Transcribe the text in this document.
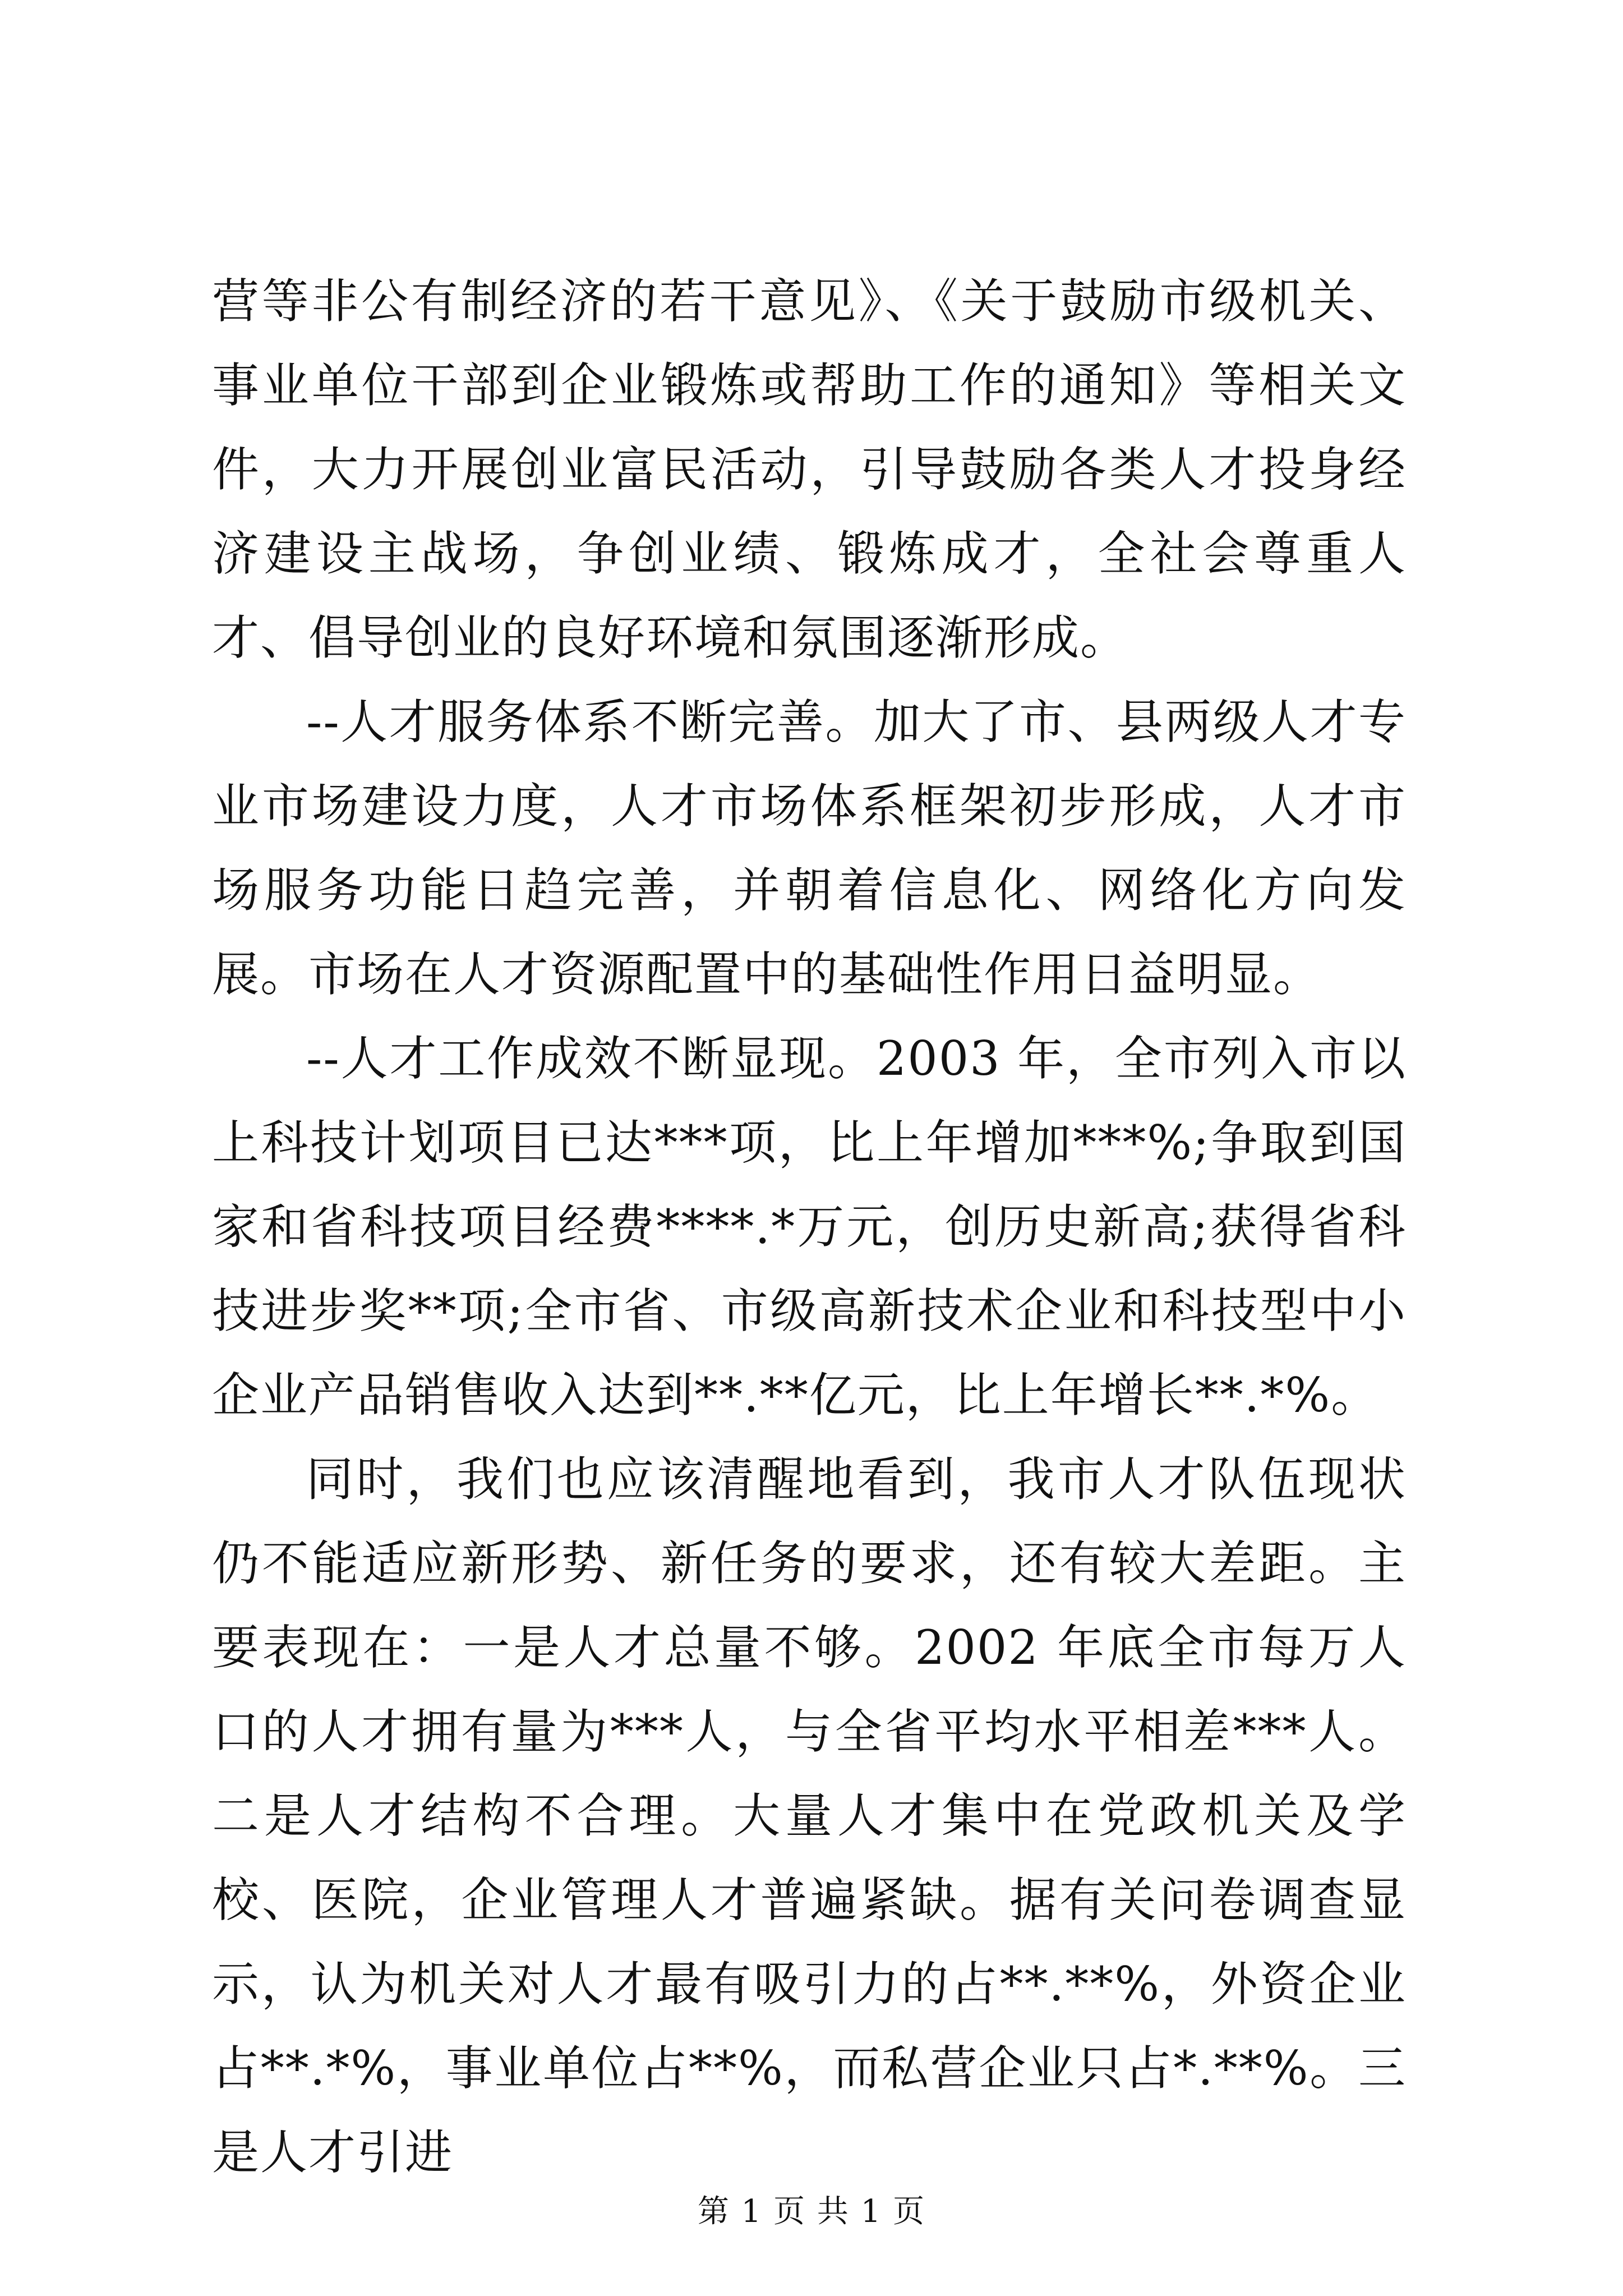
营等非公有制经济的若干意见》、《关于鼓励市级机关、事业单位干部到企业锻炼或帮助工作的通知》等相关文件，大力开展创业富民活动，引导鼓励各类人才投身经济建设主战场，争创业绩、锻炼成才，全社会尊重人才、倡导创业的良好环境和氛围逐渐形成。

--人才服务体系不断完善。加大了市、县两级人才专业市场建设力度，人才市场体系框架初步形成，人才市场服务功能日趋完善，并朝着信息化、网络化方向发展。市场在人才资源配置中的基础性作用日益明显。

--人才工作成效不断显现。2003 年，全市列入市以上科技计划项目已达***项，比上年增加***%;争取到国家和省科技项目经费****.*万元，创历史新高;获得省科技进步奖**项;全市省、市级高新技术企业和科技型中小企业产品销售收入达到**.**亿元，比上年增长**.*%。

同时，我们也应该清醒地看到，我市人才队伍现状仍不能适应新形势、新任务的要求，还有较大差距。主要表现在：一是人才总量不够。2002 年底全市每万人口的人才拥有量为***人，与全省平均水平相差***人。二是人才结构不合理。大量人才集中在党政机关及学校、医院，企业管理人才普遍紧缺。据有关问卷调查显示，认为机关对人才最有吸引力的占**.**%，外资企业占**.*%，事业单位占**%，而私营企业只占*.**%。三是人才引进

第 1 页 共 1 页
